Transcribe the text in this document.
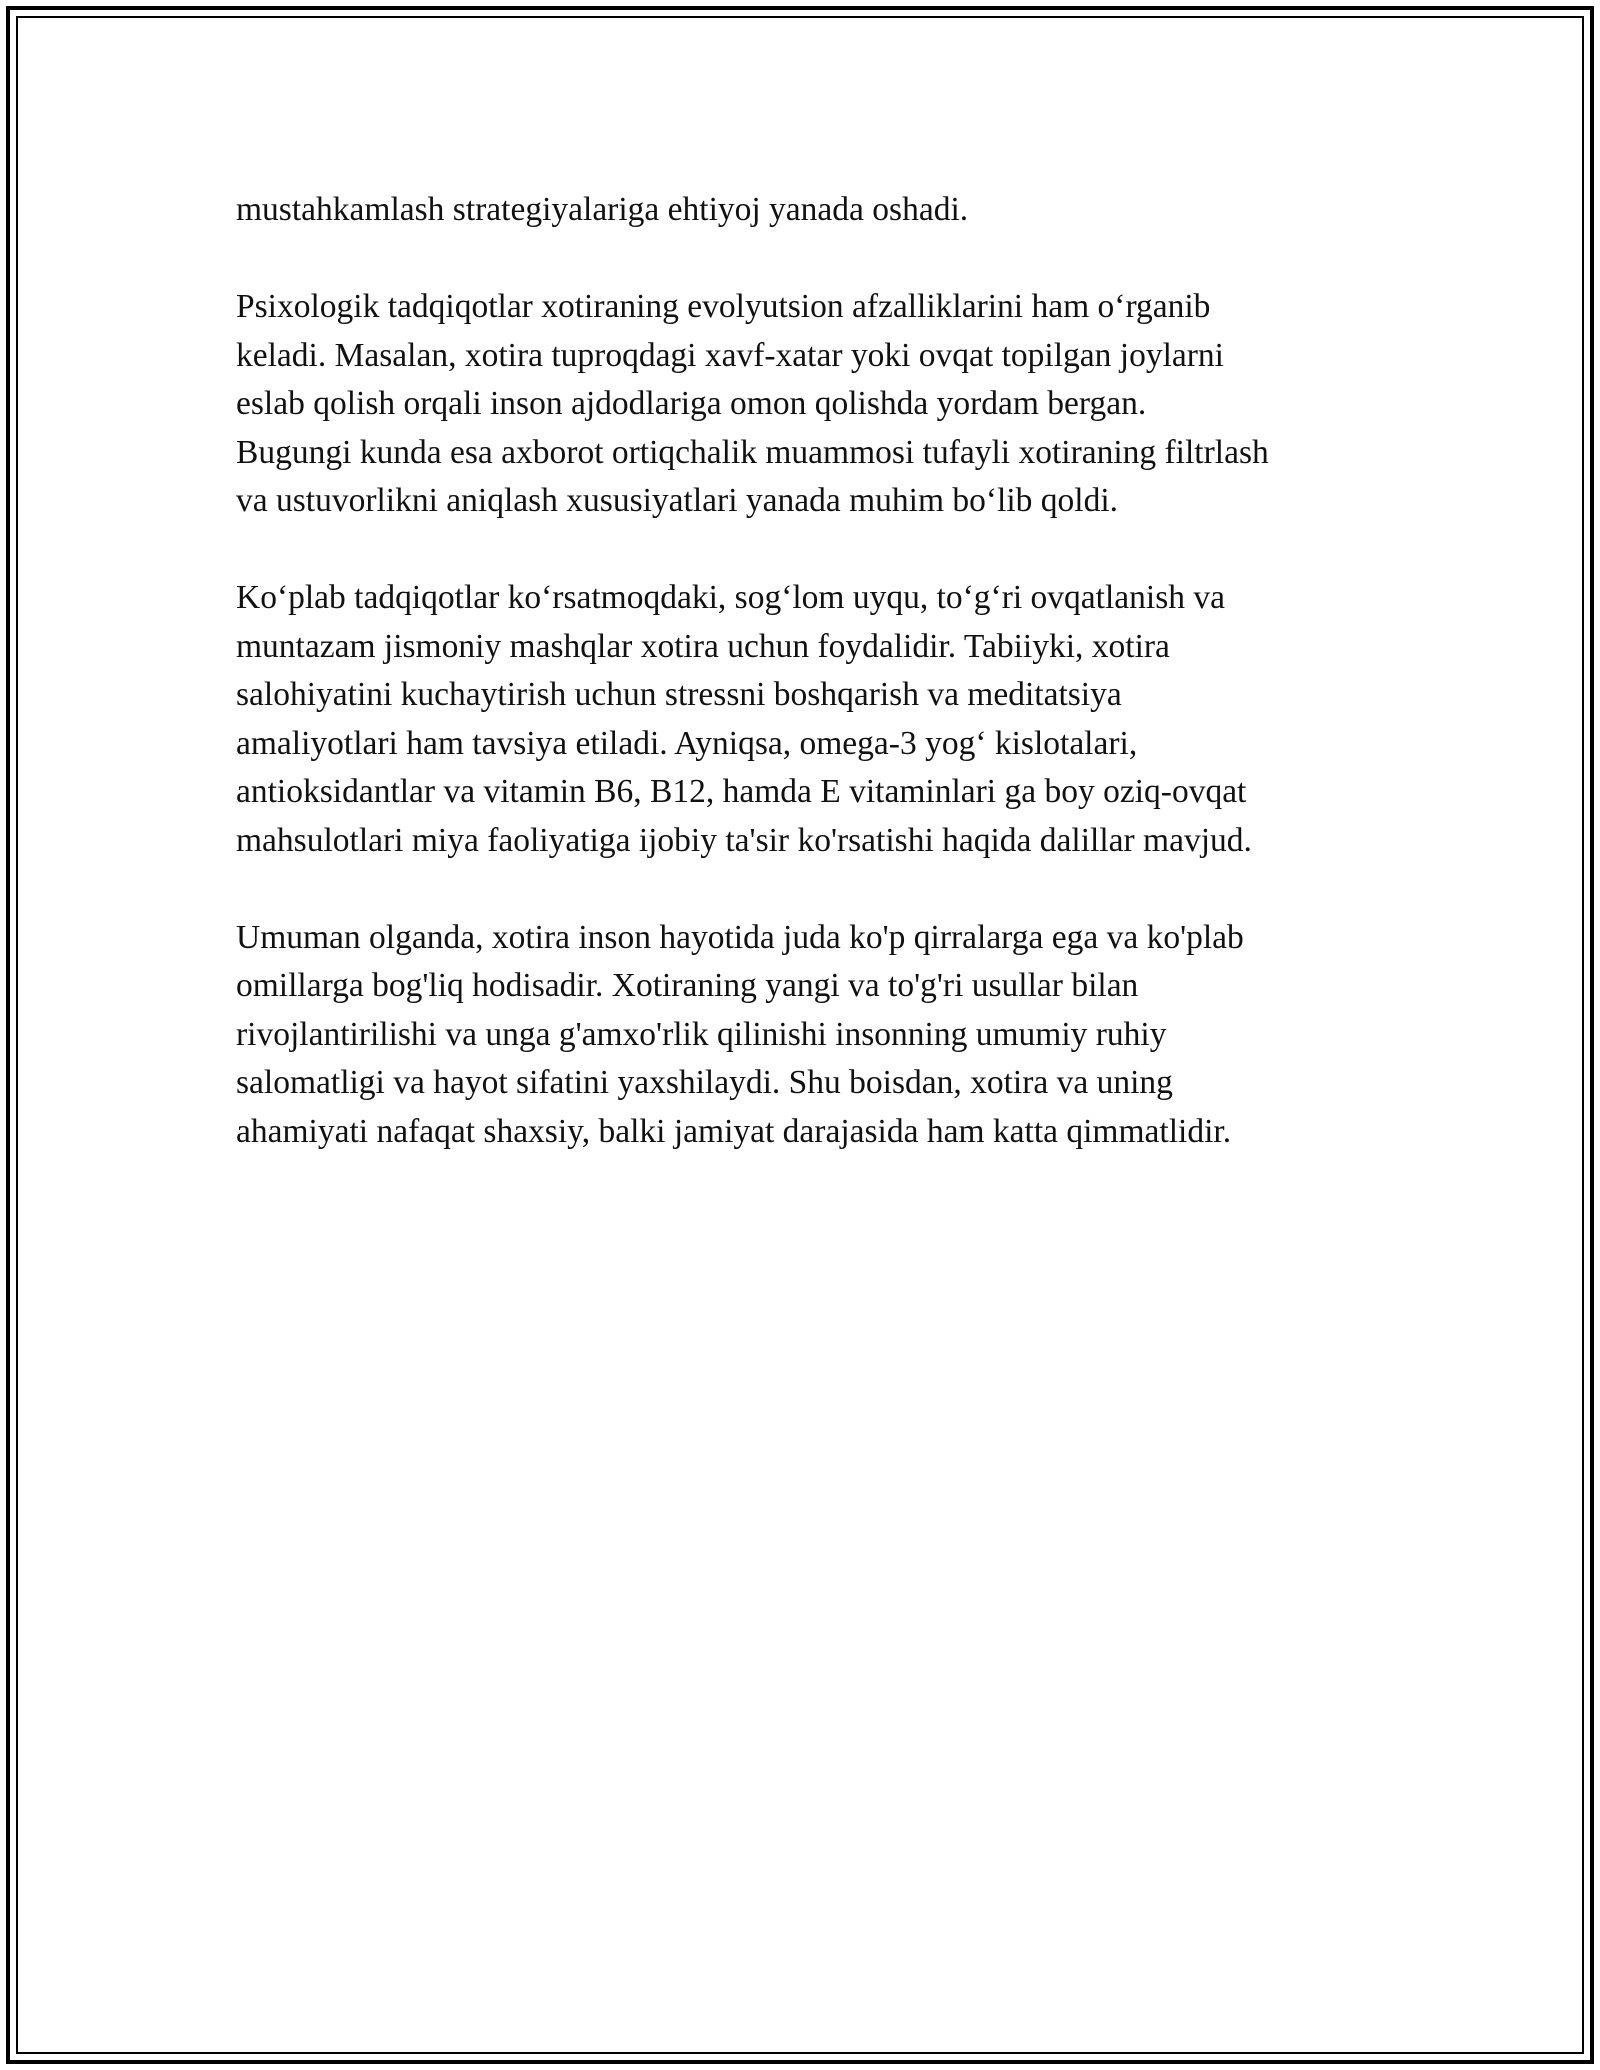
mustahkamlash strategiyalariga ehtiyoj yanada oshadi.

Psixologik tadqiqotlar xotiraning evolyutsion afzalliklarini ham o‘rganib
keladi. Masalan, xotira tuproqdagi xavf-xatar yoki ovqat topilgan joylarni
eslab qolish orqali inson ajdodlariga omon qolishda yordam bergan.
Bugungi kunda esa axborot ortiqchalik muammosi tufayli xotiraning filtrlash
va ustuvorlikni aniqlash xususiyatlari yanada muhim bo‘lib qoldi.

Ko‘plab tadqiqotlar ko‘rsatmoqdaki, sog‘lom uyqu, to‘g‘ri ovqatlanish va
muntazam jismoniy mashqlar xotira uchun foydalidir. Tabiiyki, xotira
salohiyatini kuchaytirish uchun stressni boshqarish va meditatsiya
amaliyotlari ham tavsiya etiladi. Ayniqsa, omega-3 yog‘ kislotalari,
antioksidantlar va vitamin B6, B12, hamda E vitaminlari ga boy oziq-ovqat
mahsulotlari miya faoliyatiga ijobiy ta'sir ko'rsatishi haqida dalillar mavjud.

Umuman olganda, xotira inson hayotida juda ko'p qirralarga ega va ko'plab
omillarga bog'liq hodisadir. Xotiraning yangi va to'g'ri usullar bilan
rivojlantirilishi va unga g'amxo'rlik qilinishi insonning umumiy ruhiy
salomatligi va hayot sifatini yaxshilaydi. Shu boisdan, xotira va uning
ahamiyati nafaqat shaxsiy, balki jamiyat darajasida ham katta qimmatlidir.
